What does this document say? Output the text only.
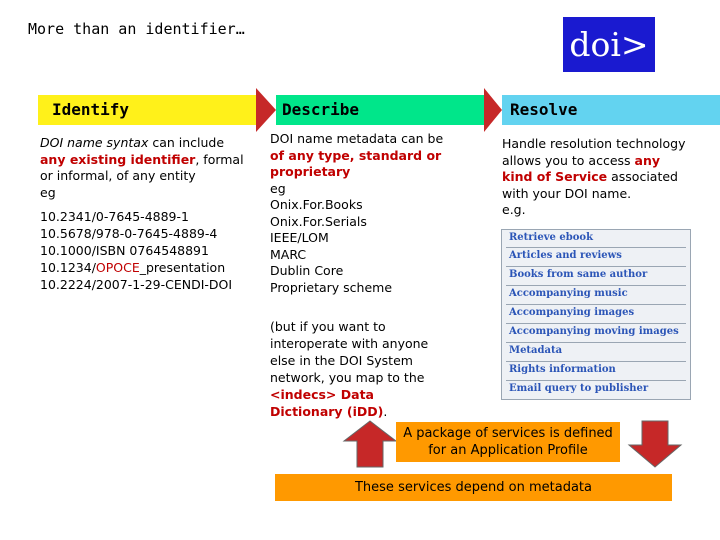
More than an identifier…	doi>
Identify	Describe	Resolve
DOI name syntax can include any existing identifier, formal or informal, of any entity
eg
10.2341/0-7645-4889-1
10.5678/978-0-7645-4889-4
10.1000/ISBN 0764548891
10.1234/OPOCE_presentation
10.2224/2007-1-29-CENDI-DOI
DOI name metadata can be of any type, standard or proprietary
eg
Onix.For.Books
Onix.For.Serials
IEEE/LOM
MARC
Dublin Core
Proprietary scheme
(but if you want to interoperate with anyone else in the DOI System network, you map to the <indecs> Data Dictionary (iDD).
Handle resolution technology allows you to access any kind of Service associated with your DOI name.
e.g.
Retrieve ebook
Articles and reviews
Books from same author
Accompanying music
Accompanying images
Accompanying moving images
Metadata
Rights information
Email query to publisher
A package of services is defined
for an Application Profile
These services depend on metadata
